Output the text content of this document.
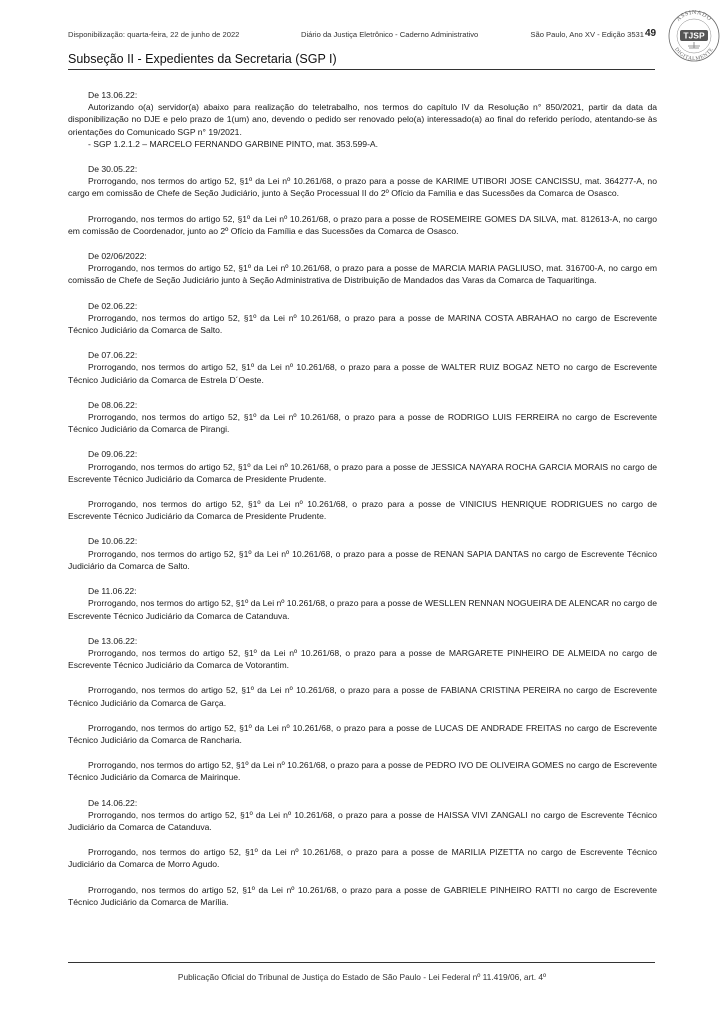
Disponibilização: quarta-feira, 22 de junho de 2022	Diário da Justiça Eletrônico - Caderno Administrativo	São Paulo, Ano XV - Edição 3531 49
ASSINADO
DIGITALMENTE
TJSP
Subseção II - Expedientes da Secretaria (SGP I)

De 13.06.22:

Autorizando o(a) servidor(a) abaixo para realização do teletrabalho, nos termos do capítulo IV da Resolução n° 850/2021, partir da data da disponibilização no DJE e pelo prazo de 1(um) ano, devendo o pedido ser renovado pelo(a) interessado(a) ao final do referido período, atentando-se às orientações do Comunicado SGP n° 19/2021.

- SGP 1.2.1.2 – MARCELO FERNANDO GARBINE PINTO, mat. 353.599-A.

De 30.05.22:

Prorrogando, nos termos do artigo 52, §1º da Lei nº 10.261/68, o prazo para a posse de KARIME UTIBORI JOSE CANCISSU, mat. 364277-A, no cargo em comissão de Chefe de Seção Judiciário, junto à Seção Processual II do 2º Ofício da Família e das Sucessões da Comarca de Osasco.

Prorrogando, nos termos do artigo 52, §1º da Lei nº 10.261/68, o prazo para a posse de ROSEMEIRE GOMES DA SILVA, mat. 812613-A, no cargo em comissão de Coordenador, junto ao 2º Ofício da Família e das Sucessões da Comarca de Osasco.

De 02/06/2022:

Prorrogando, nos termos do artigo 52, §1º da Lei nº 10.261/68, o prazo para a posse de MARCIA MARIA PAGLIUSO, mat. 316700-A, no cargo em comissão de Chefe de Seção Judiciário junto à Seção Administrativa de Distribuição de Mandados das Varas da Comarca de Taquaritinga.

De 02.06.22:

Prorrogando, nos termos do artigo 52, §1º da Lei nº 10.261/68, o prazo para a posse de MARINA COSTA ABRAHAO no cargo de Escrevente Técnico Judiciário da Comarca de Salto.

De 07.06.22:

Prorrogando, nos termos do artigo 52, §1º da Lei nº 10.261/68, o prazo para a posse de WALTER RUIZ BOGAZ NETO no cargo de Escrevente Técnico Judiciário da Comarca de Estrela D´Oeste.

De 08.06.22:

Prorrogando, nos termos do artigo 52, §1º da Lei nº 10.261/68, o prazo para a posse de RODRIGO LUIS FERREIRA no cargo de Escrevente Técnico Judiciário da Comarca de Pirangi.

De 09.06.22:

Prorrogando, nos termos do artigo 52, §1º da Lei nº 10.261/68, o prazo para a posse de JESSICA NAYARA ROCHA GARCIA MORAIS no cargo de Escrevente Técnico Judiciário da Comarca de Presidente Prudente.

Prorrogando, nos termos do artigo 52, §1º da Lei nº 10.261/68, o prazo para a posse de VINICIUS HENRIQUE RODRIGUES no cargo de Escrevente Técnico Judiciário da Comarca de Presidente Prudente.

De 10.06.22:

Prorrogando, nos termos do artigo 52, §1º da Lei nº 10.261/68, o prazo para a posse de RENAN SAPIA DANTAS no cargo de Escrevente Técnico Judiciário da Comarca de Salto.

De 11.06.22:

Prorrogando, nos termos do artigo 52, §1º da Lei nº 10.261/68, o prazo para a posse de WESLLEN RENNAN NOGUEIRA DE ALENCAR no cargo de Escrevente Técnico Judiciário da Comarca de Catanduva.

De 13.06.22:

Prorrogando, nos termos do artigo 52, §1º da Lei nº 10.261/68, o prazo para a posse de MARGARETE PINHEIRO DE ALMEIDA no cargo de Escrevente Técnico Judiciário da Comarca de Votorantim.

Prorrogando, nos termos do artigo 52, §1º da Lei nº 10.261/68, o prazo para a posse de FABIANA CRISTINA PEREIRA no cargo de Escrevente Técnico Judiciário da Comarca de Garça.

Prorrogando, nos termos do artigo 52, §1º da Lei nº 10.261/68, o prazo para a posse de LUCAS DE ANDRADE FREITAS no cargo de Escrevente Técnico Judiciário da Comarca de Rancharia.

Prorrogando, nos termos do artigo 52, §1º da Lei nº 10.261/68, o prazo para a posse de PEDRO IVO DE OLIVEIRA GOMES no cargo de Escrevente Técnico Judiciário da Comarca de Mairinque.

De 14.06.22:

Prorrogando, nos termos do artigo 52, §1º da Lei nº 10.261/68, o prazo para a posse de HAISSA VIVI ZANGALI no cargo de Escrevente Técnico Judiciário da Comarca de Catanduva.

Prorrogando, nos termos do artigo 52, §1º da Lei nº 10.261/68, o prazo para a posse de MARILIA PIZETTA no cargo de Escrevente Técnico Judiciário da Comarca de Morro Agudo.

Prorrogando, nos termos do artigo 52, §1º da Lei nº 10.261/68, o prazo para a posse de GABRIELE PINHEIRO RATTI no cargo de Escrevente Técnico Judiciário da Comarca de Marília.

Publicação Oficial do Tribunal de Justiça do Estado de São Paulo - Lei Federal nº 11.419/06, art. 4º
